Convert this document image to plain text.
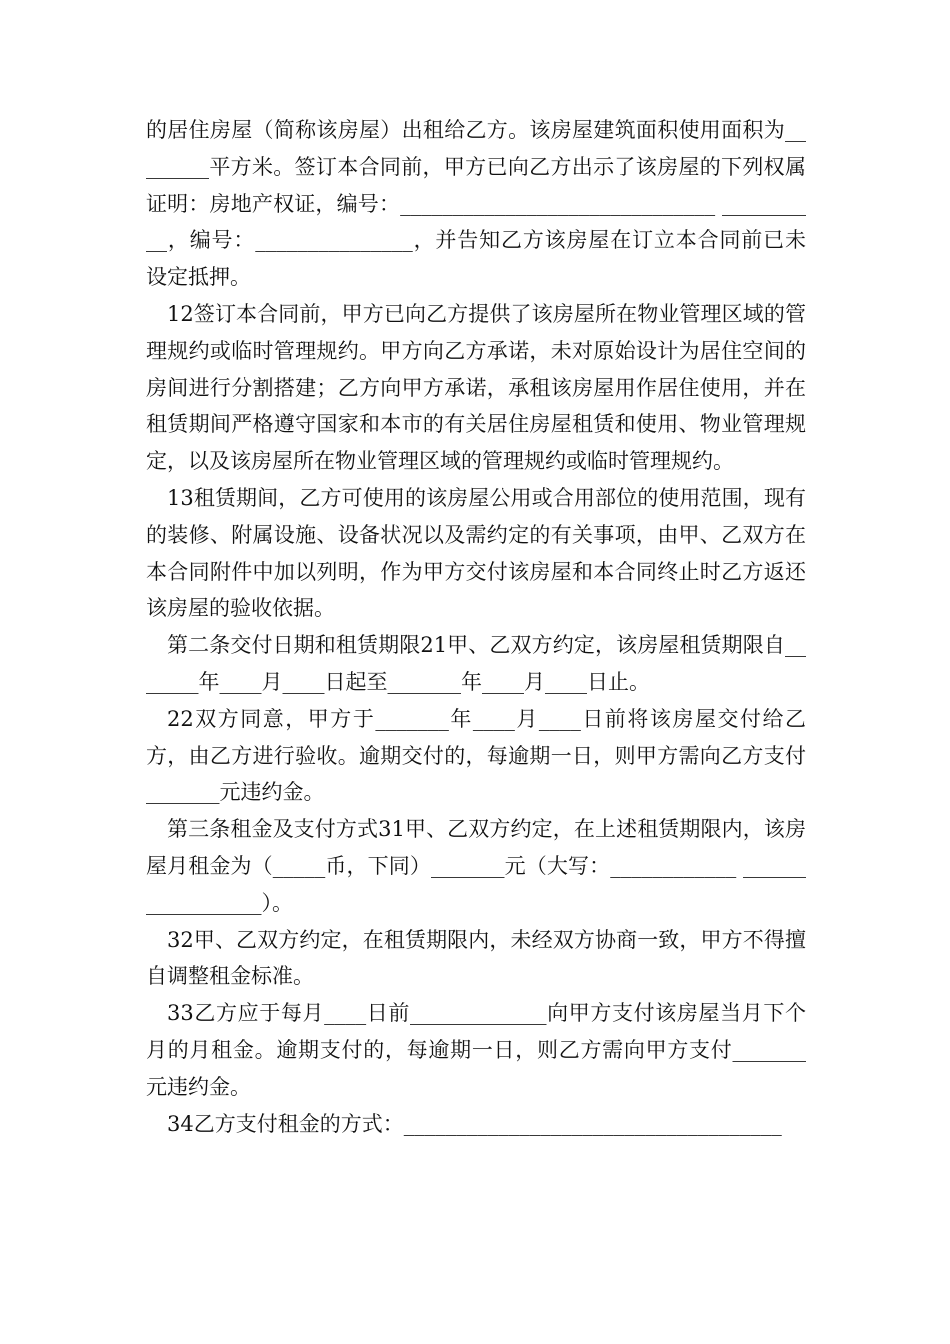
的居住房屋（简称该房屋）出租给乙方。该房屋建筑面积使用面积为________平方米。签订本合同前，甲方已向乙方出示了该房屋的下列权属证明：房地产权证，编号：______________________________ __________，编号：_______________，并告知乙方该房屋在订立本合同前已未设定抵押。

12签订本合同前，甲方已向乙方提供了该房屋所在物业管理区域的管理规约或临时管理规约。甲方向乙方承诺，未对原始设计为居住空间的房间进行分割搭建；乙方向甲方承诺，承租该房屋用作居住使用，并在租赁期间严格遵守国家和本市的有关居住房屋租赁和使用、物业管理规定，以及该房屋所在物业管理区域的管理规约或临时管理规约。

13租赁期间，乙方可使用的该房屋公用或合用部位的使用范围，现有的装修、附属设施、设备状况以及需约定的有关事项，由甲、乙双方在本合同附件中加以列明，作为甲方交付该房屋和本合同终止时乙方返还该房屋的验收依据。

第二条交付日期和租赁期限21甲、乙双方约定，该房屋租赁期限自_______年____月____日起至_______年____月____日止。

22双方同意，甲方于_______年____月____日前将该房屋交付给乙方，由乙方进行验收。逾期交付的，每逾期一日，则甲方需向乙方支付_______元违约金。

第三条租金及支付方式31甲、乙双方约定，在上述租赁期限内，该房屋月租金为（_____币，下同）_______元（大写：____________ _________________）。

32甲、乙双方约定，在租赁期限内，未经双方协商一致，甲方不得擅自调整租金标准。

33乙方应于每月____日前_____________向甲方支付该房屋当月下个月的月租金。逾期支付的，每逾期一日，则乙方需向甲方支付_______元违约金。

34乙方支付租金的方式：____________________________________
